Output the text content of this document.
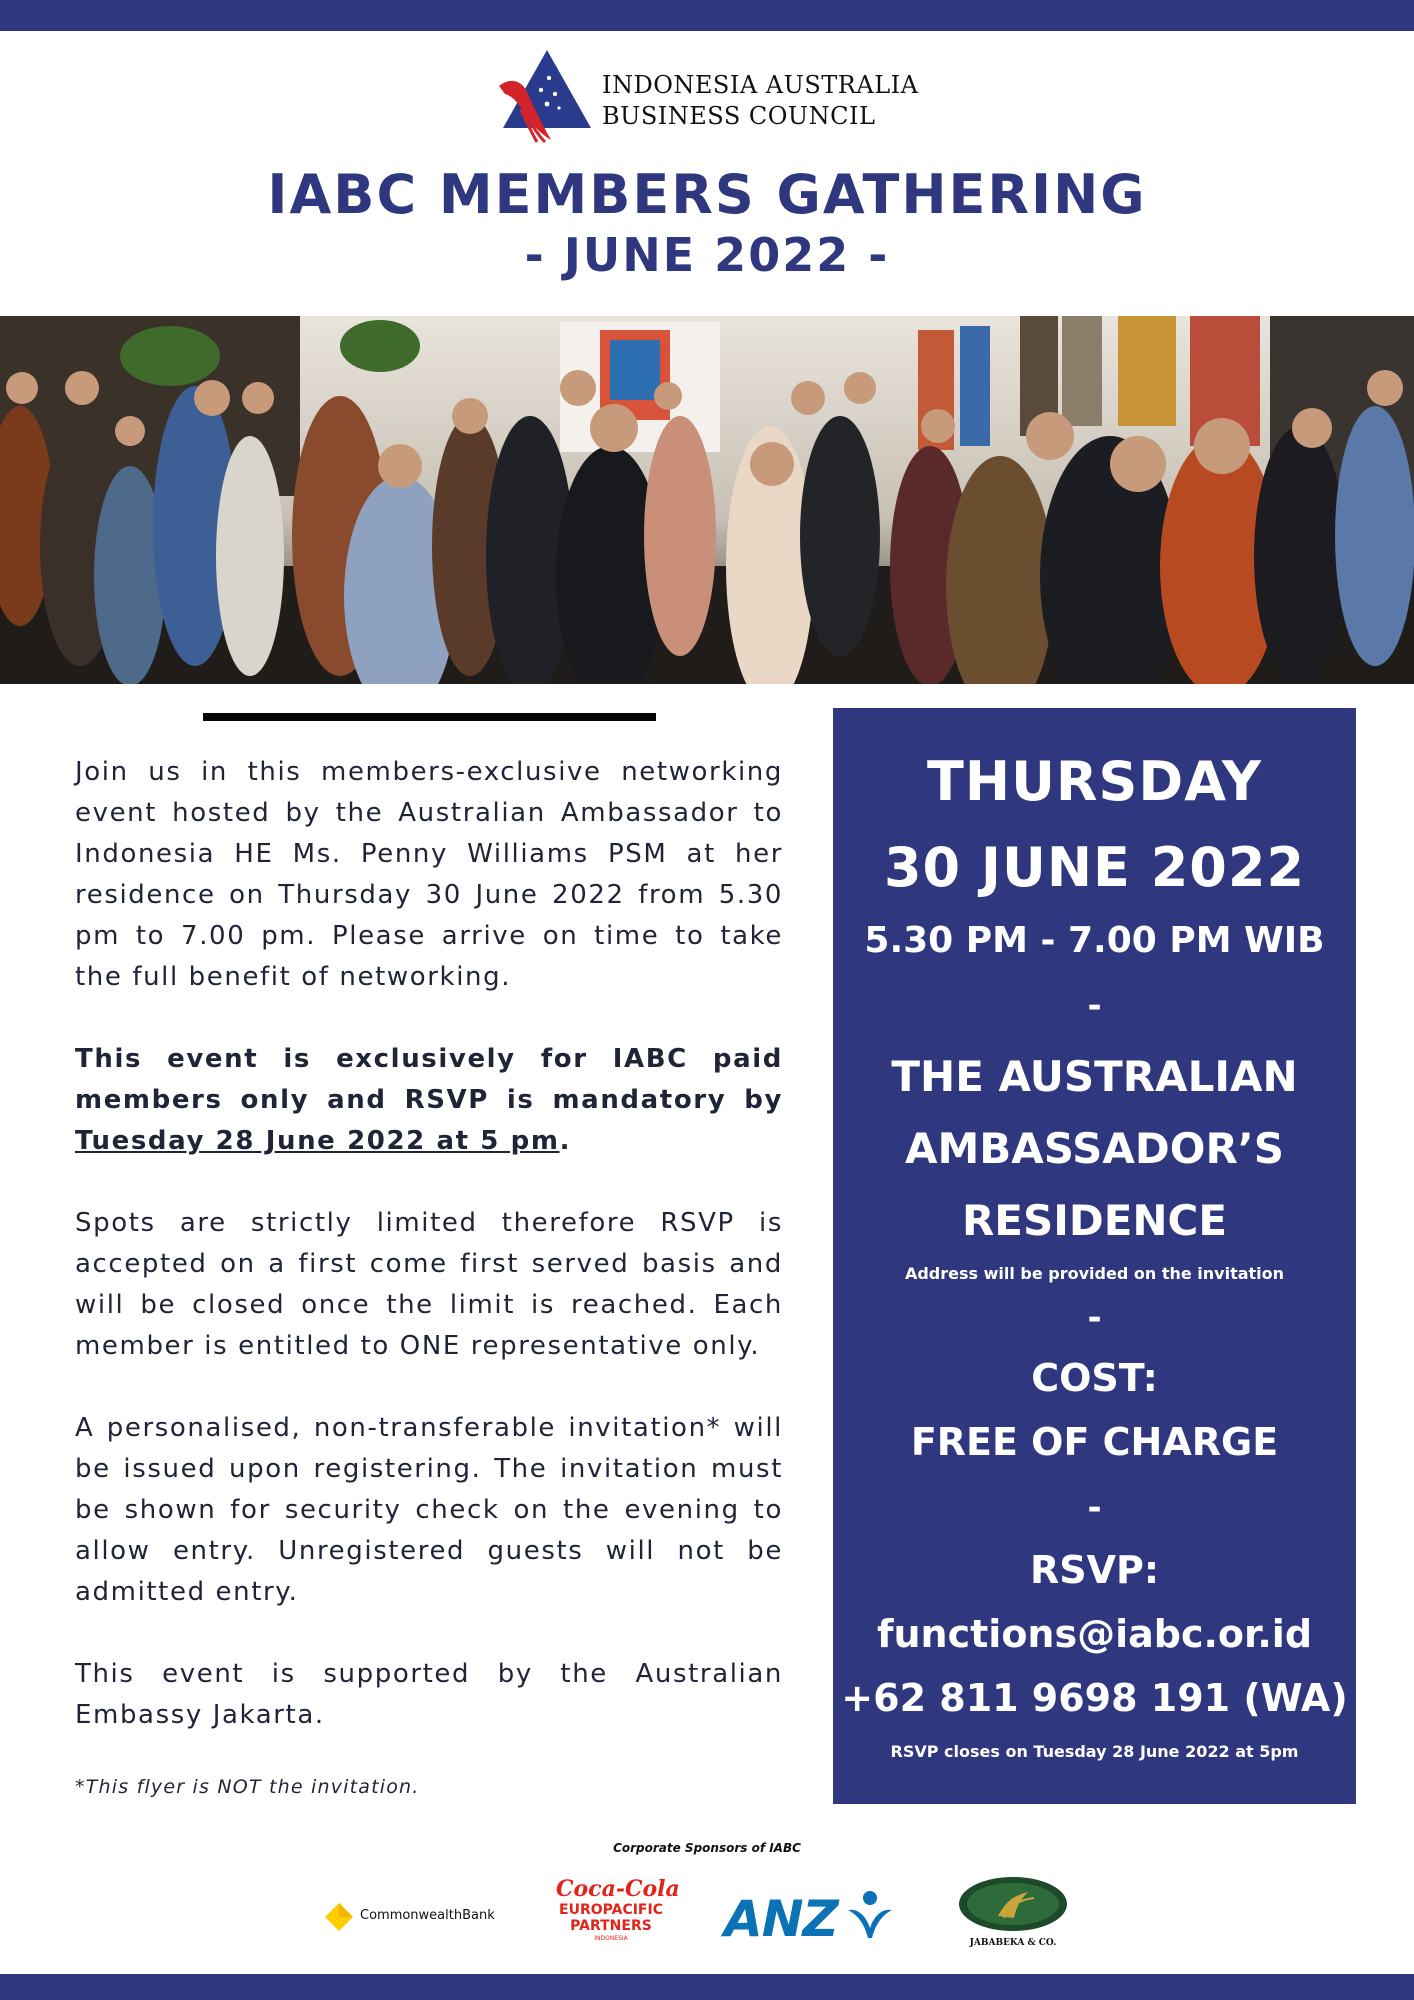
INDONESIA AUSTRALIA
BUSINESS COUNCIL
IABC MEMBERS GATHERING
- JUNE 2022 -

Join us in this members-exclusive networking event hosted by the Australian Ambassador to Indonesia HE Ms. Penny Williams PSM at her residence on Thursday 30 June 2022 from 5.30 pm to 7.00 pm. Please arrive on time to take the full benefit of networking.

This event is exclusively for IABC paid members only and RSVP is mandatory by Tuesday 28 June 2022 at 5 pm.

Spots are strictly limited therefore RSVP is accepted on a first come first served basis and will be closed once the limit is reached. Each member is entitled to ONE representative only.

A personalised, non-transferable invitation* will be issued upon registering. The invitation must be shown for security check on the evening to allow entry. Unregistered guests will not be admitted entry.

This event is supported by the Australian Embassy Jakarta.

*This flyer is NOT the invitation.
THURSDAY
30 JUNE 2022
5.30 PM - 7.00 PM WIB
-
THE AUSTRALIAN
AMBASSADOR’S
RESIDENCE
Address will be provided on the invitation
-
COST:
FREE OF CHARGE
-
RSVP:
functions@iabc.or.id
+62 811 9698 191 (WA)
RSVP closes on Tuesday 28 June 2022 at 5pm
Corporate Sponsors of IABC
CommonwealthBank
Coca-Cola
EUROPACIFIC
PARTNERS
INDONESIA	ANZ	JABABEKA & CO.
